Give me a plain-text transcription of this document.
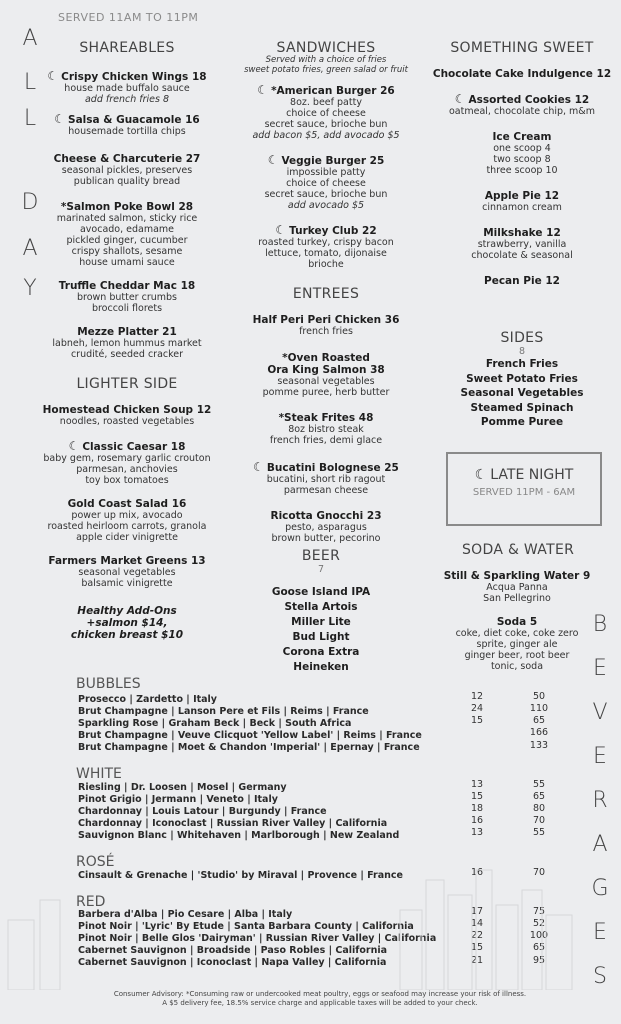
SERVED 11AM TO 11PM
A
L
L
D
A
Y
B
E
V
E
R
A
G
E
S
SHAREABLES
☾ Crispy Chicken Wings 18
house made buffalo sauce
add french fries 8
☾ Salsa & Guacamole 16
housemade tortilla chips
Cheese & Charcuterie 27
seasonal pickles, preserves
publican quality bread
*Salmon Poke Bowl 28
marinated salmon, sticky rice
avocado, edamame
pickled ginger, cucumber
crispy shallots, sesame
house umami sauce
Truffle Cheddar Mac 18
brown butter crumbs
broccoli florets
Mezze Platter 21
labneh, lemon hummus market
crudité, seeded cracker
LIGHTER SIDE
Homestead Chicken Soup 12
noodles, roasted vegetables
☾ Classic Caesar 18
baby gem, rosemary garlic crouton
parmesan, anchovies
toy box tomatoes
Gold Coast Salad 16
power up mix, avocado
roasted heirloom carrots, granola
apple cider vinigrette
Farmers Market Greens 13
seasonal vegetables
balsamic vinigrette
Healthy Add-Ons
+salmon $14,
chicken breast $10
SANDWICHES
Served with a choice of fries
sweet potato fries, green salad or fruit
☾ *American Burger 26
8oz. beef patty
choice of cheese
secret sauce, brioche bun
add bacon $5, add avocado $5
☾ Veggie Burger 25
impossible patty
choice of cheese
secret sauce, brioche bun
add avocado $5
☾ Turkey Club 22
roasted turkey, crispy bacon
lettuce, tomato, dijonaise
brioche
ENTREES
Half Peri Peri Chicken 36
french fries
*Oven Roasted
Ora King Salmon 38
seasonal vegetables
pomme puree, herb butter
*Steak Frites 48
8oz bistro steak
french fries, demi glace
☾ Bucatini Bolognese 25
bucatini, short rib ragout
parmesan cheese
Ricotta Gnocchi 23
pesto, asparagus
brown butter, pecorino
BEER
7
Goose Island IPA
Stella Artois
Miller Lite
Bud Light
Corona Extra
Heineken
SOMETHING SWEET
Chocolate Cake Indulgence 12
☾ Assorted Cookies 12
oatmeal, chocolate chip, m&m
Ice Cream
one scoop 4
two scoop 8
three scoop 10
Apple Pie 12
cinnamon cream
Milkshake 12
strawberry, vanilla
chocolate & seasonal
Pecan Pie 12
SIDES
8
French Fries
Sweet Potato Fries
Seasonal Vegetables
Steamed Spinach
Pomme Puree
☾ LATE NIGHT
SERVED 11PM - 6AM
SODA & WATER
Still & Sparkling Water 9
Acqua Panna
San Pellegrino
Soda 5
coke, diet coke, coke zero
sprite, ginger ale
ginger beer, root beer
tonic, soda
BUBBLES
Prosecco | Zardetto | Italy
Brut Champagne | Lanson Pere et Fils | Reims | France
Sparkling Rose | Graham Beck | Beck | South Africa
Brut Champagne | Veuve Clicquot 'Yellow Label' | Reims | France
Brut Champagne | Moet & Chandon 'Imperial' | Epernay | France
12
24
15
50
110
65
166
133
WHITE
Riesling | Dr. Loosen | Mosel | Germany
Pinot Grigio | Jermann | Veneto | Italy
Chardonnay | Louis Latour | Burgundy | France
Chardonnay | Iconoclast | Russian River Valley | California
Sauvignon Blanc | Whitehaven | Marlborough | New Zealand
13
15
18
16
13
55
65
80
70
55
ROSÉ
Cinsault & Grenache | 'Studio' by Miraval | Provence | France	16	70
RED
Barbera d'Alba | Pio Cesare | Alba | Italy
Pinot Noir | 'Lyric' By Etude | Santa Barbara County | California
Pinot Noir | Belle Glos 'Dairyman' | Russian River Valley | California
Cabernet Sauvignon | Broadside | Paso Robles | California
Cabernet Sauvignon | Iconoclast | Napa Valley | California
17
14
22
15
21
75
52
100
65
95
Consumer Advisory: *Consuming raw or undercooked meat poultry, eggs or seafood may increase your risk of illness.
A $5 delivery fee, 18.5% service charge and applicable taxes will be added to your check.
